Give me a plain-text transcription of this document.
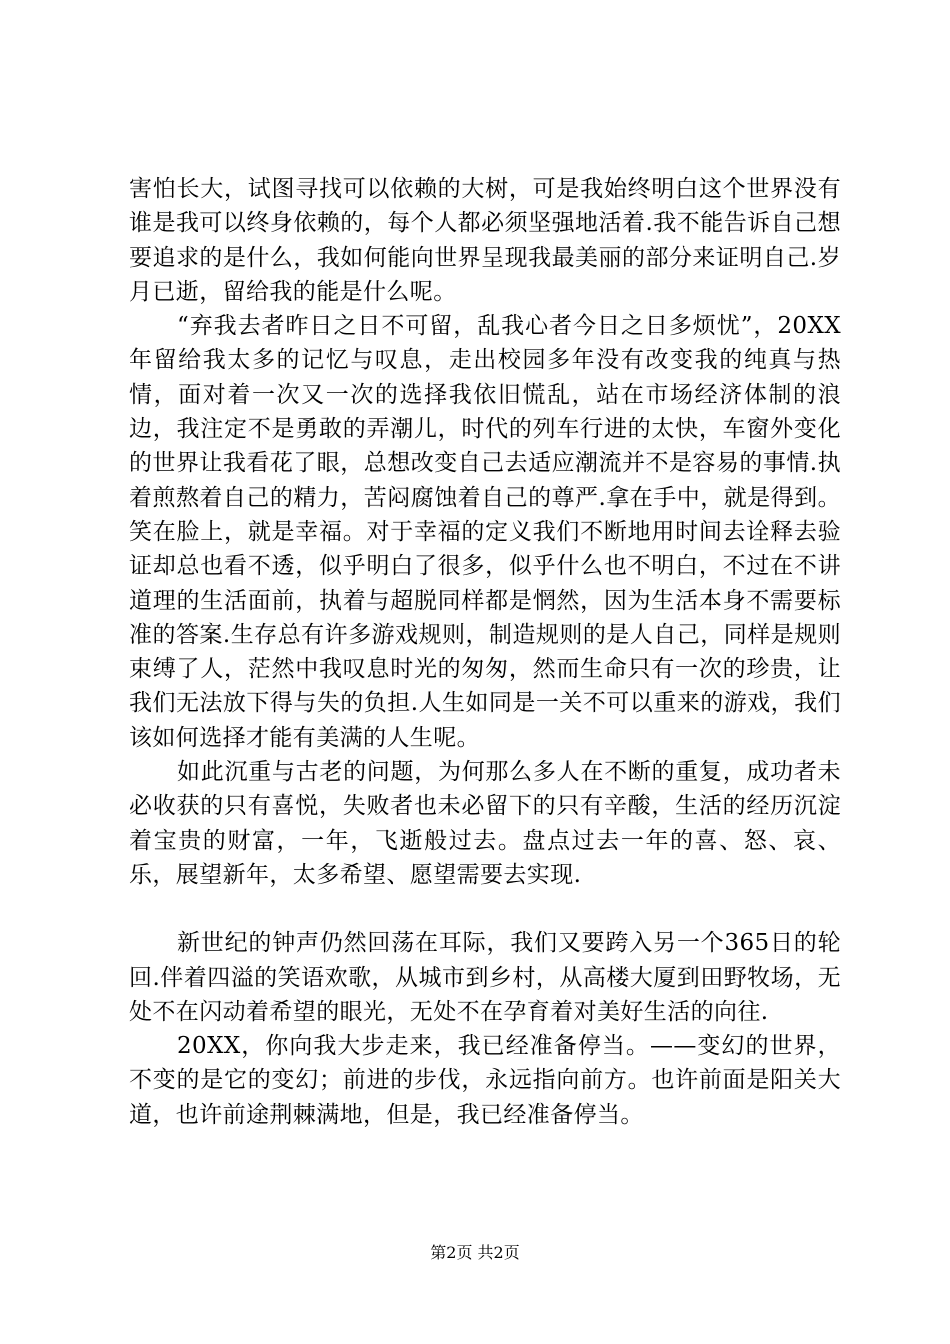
害怕长大，试图寻找可以依赖的大树，可是我始终明白这个世界没有谁是我可以终身依赖的，每个人都必须坚强地活着.我不能告诉自己想要追求的是什么，我如何能向世界呈现我最美丽的部分来证明自己.岁月已逝，留给我的能是什么呢。

“弃我去者昨日之日不可留，乱我心者今日之日多烦忧”，20XX年留给我太多的记忆与叹息，走出校园多年没有改变我的纯真与热情，面对着一次又一次的选择我依旧慌乱，站在市场经济体制的浪边，我注定不是勇敢的弄潮儿，时代的列车行进的太快，车窗外变化的世界让我看花了眼，总想改变自己去适应潮流并不是容易的事情.执着煎熬着自己的精力，苦闷腐蚀着自己的尊严.拿在手中，就是得到。笑在脸上，就是幸福。对于幸福的定义我们不断地用时间去诠释去验证却总也看不透，似乎明白了很多，似乎什么也不明白，不过在不讲道理的生活面前，执着与超脱同样都是惘然，因为生活本身不需要标准的答案.生存总有许多游戏规则，制造规则的是人自己，同样是规则束缚了人，茫然中我叹息时光的匆匆，然而生命只有一次的珍贵，让我们无法放下得与失的负担.人生如同是一关不可以重来的游戏，我们该如何选择才能有美满的人生呢。

如此沉重与古老的问题，为何那么多人在不断的重复，成功者未必收获的只有喜悦，失败者也未必留下的只有辛酸，生活的经历沉淀着宝贵的财富，一年，飞逝般过去。盘点过去一年的喜、怒、哀、乐，展望新年，太多希望、愿望需要去实现.

新世纪的钟声仍然回荡在耳际，我们又要跨入另一个365日的轮回.伴着四溢的笑语欢歌，从城市到乡村，从高楼大厦到田野牧场，无处不在闪动着希望的眼光，无处不在孕育着对美好生活的向往.

20XX，你向我大步走来，我已经准备停当。——变幻的世界，不变的是它的变幻；前进的步伐，永远指向前方。也许前面是阳关大道，也许前途荆棘满地，但是，我已经准备停当。

第2页 共2页
